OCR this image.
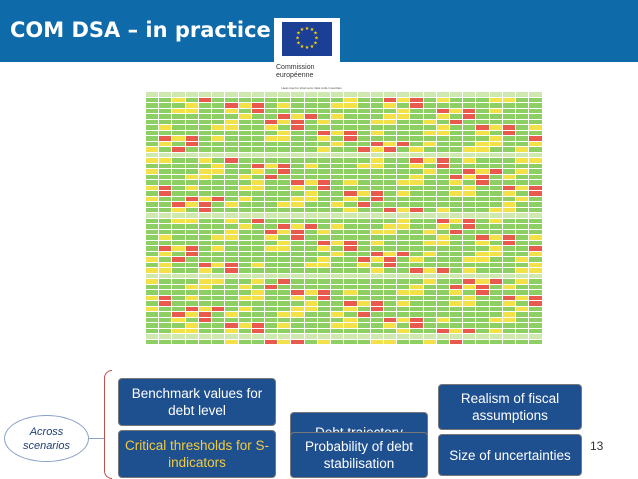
COM DSA – in practice	★ ★
★
★
★
★
★
★
★
★
★
★
Commission
européenne
Heat map for short-term risks to EU countries

Across scenarios
Benchmark values for debt level
Critical thresholds for S-indicators
Probability of debt stabilisation
Realism of fiscal assumptions
Size of uncertainties
13
